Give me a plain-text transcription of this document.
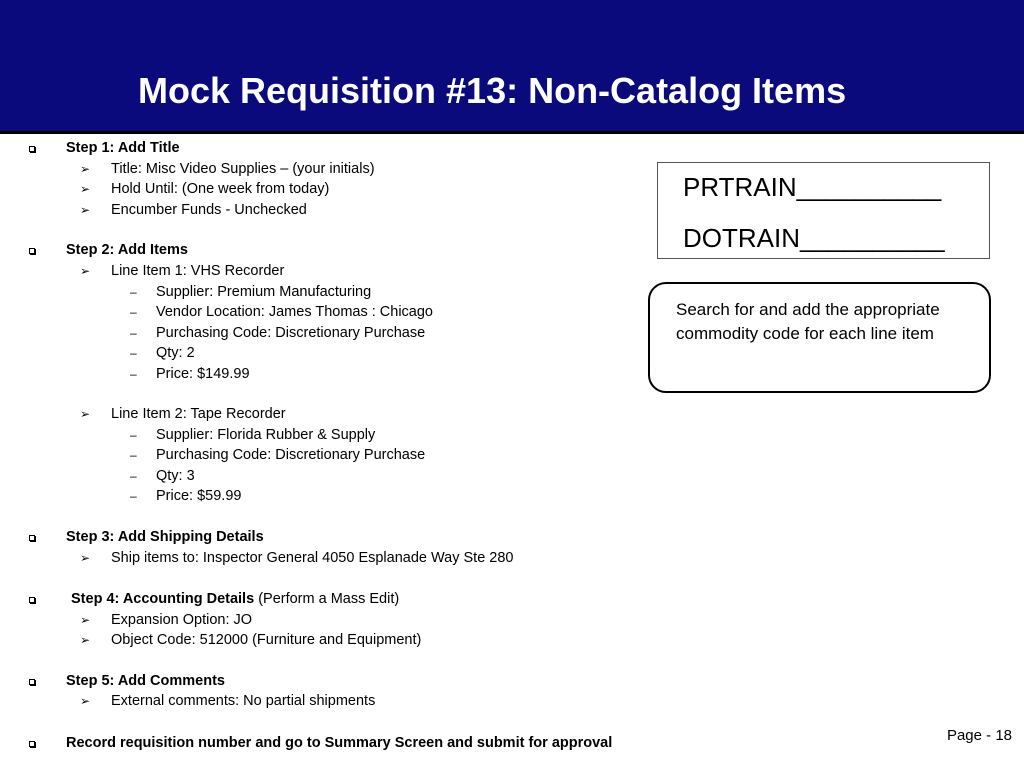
Mock Requisition #13: Non-Catalog Items
Step 1: Add Title
➢ Title: Misc Video Supplies – (your initials)
➢ Hold Until: (One week from today)
➢ Encumber Funds - Unchecked
Step 2: Add Items
➢ Line Item 1: VHS Recorder
– Supplier: Premium Manufacturing
– Vendor Location: James Thomas : Chicago
– Purchasing Code: Discretionary Purchase
– Qty: 2
– Price: $149.99
➢ Line Item 2: Tape Recorder
– Supplier: Florida Rubber & Supply
– Purchasing Code: Discretionary Purchase
– Qty: 3
– Price: $59.99
Step 3: Add Shipping Details
➢ Ship items to: Inspector General 4050 Esplanade Way Ste 280
Step 4: Accounting Details (Perform a Mass Edit)
➢ Expansion Option: JO
➢ Object Code: 512000 (Furniture and Equipment)
Step 5: Add Comments
➢ External comments: No partial shipments
Record requisition number and go to Summary Screen and submit for approval
PRTRAIN__________
DOTRAIN__________
Search for and add the appropriate commodity code for each line item
Page - 18
